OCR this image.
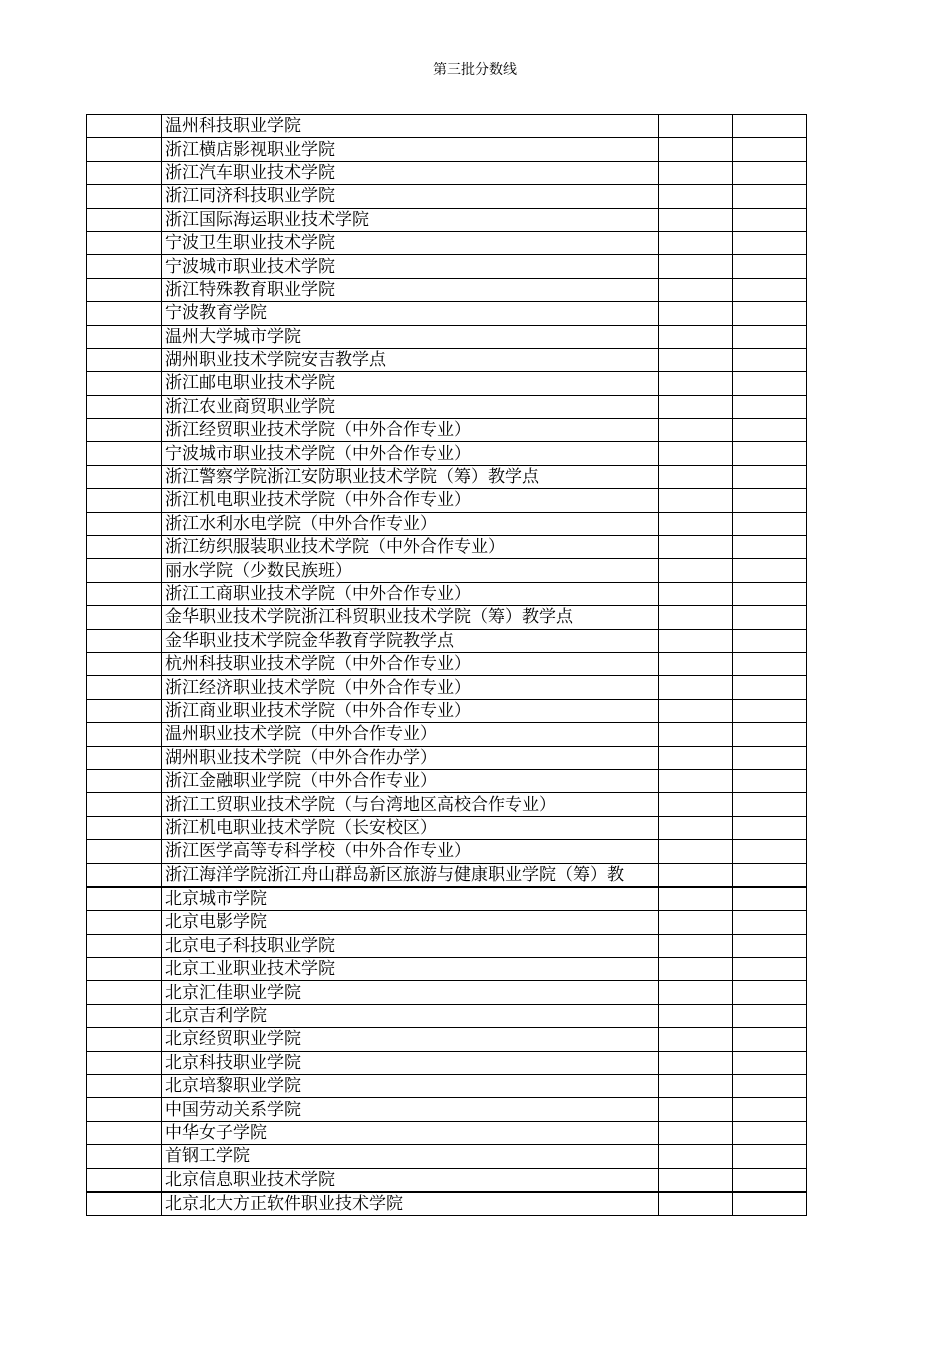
第三批分数线
	温州科技职业学院		
	浙江横店影视职业学院		
	浙江汽车职业技术学院		
	浙江同济科技职业学院		
	浙江国际海运职业技术学院		
	宁波卫生职业技术学院		
	宁波城市职业技术学院		
	浙江特殊教育职业学院		
	宁波教育学院		
	温州大学城市学院		
	湖州职业技术学院安吉教学点		
	浙江邮电职业技术学院		
	浙江农业商贸职业学院		
	浙江经贸职业技术学院（中外合作专业）		
	宁波城市职业技术学院（中外合作专业）		
	浙江警察学院浙江安防职业技术学院（筹）教学点		
	浙江机电职业技术学院（中外合作专业）		
	浙江水利水电学院（中外合作专业）		
	浙江纺织服装职业技术学院（中外合作专业）		
	丽水学院（少数民族班）		
	浙江工商职业技术学院（中外合作专业）		
	金华职业技术学院浙江科贸职业技术学院（筹）教学点		
	金华职业技术学院金华教育学院教学点		
	杭州科技职业技术学院（中外合作专业）		
	浙江经济职业技术学院（中外合作专业）		
	浙江商业职业技术学院（中外合作专业）		
	温州职业技术学院（中外合作专业）		
	湖州职业技术学院（中外合作办学）		
	浙江金融职业学院（中外合作专业）		
	浙江工贸职业技术学院（与台湾地区高校合作专业）		
	浙江机电职业技术学院（长安校区）		
	浙江医学高等专科学校（中外合作专业）		
	浙江海洋学院浙江舟山群岛新区旅游与健康职业学院（筹）教		
	北京城市学院		
	北京电影学院		
	北京电子科技职业学院		
	北京工业职业技术学院		
	北京汇佳职业学院		
	北京吉利学院		
	北京经贸职业学院		
	北京科技职业学院		
	北京培黎职业学院		
	中国劳动关系学院		
	中华女子学院		
	首钢工学院		
	北京信息职业技术学院		
	北京北大方正软件职业技术学院		
